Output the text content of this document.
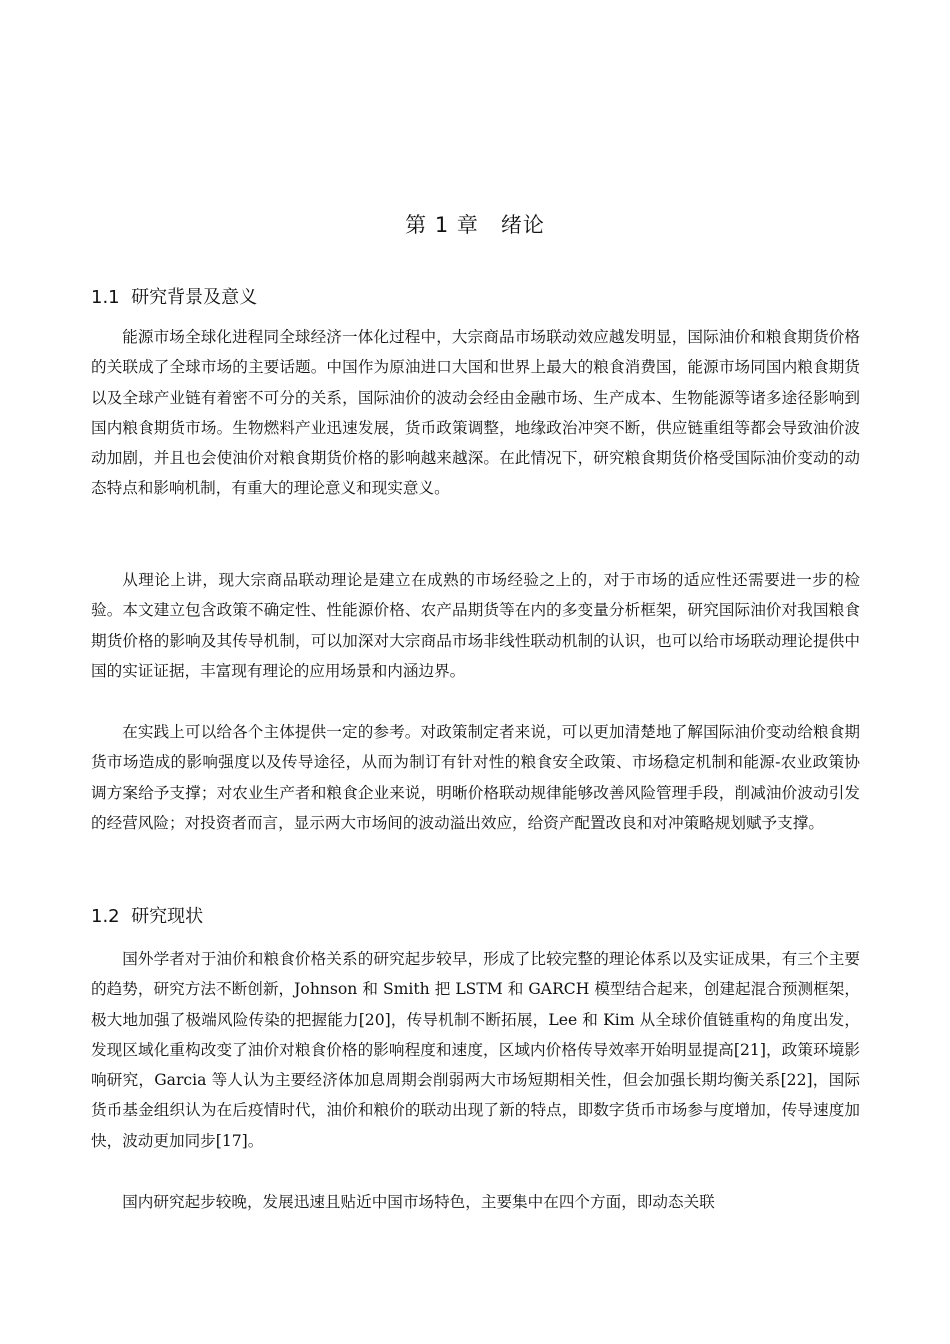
第 1 章　绪论
1.1  研究背景及意义

能源市场全球化进程同全球经济一体化过程中，大宗商品市场联动效应越发明显，国际油价和粮食期货价格的关联成了全球市场的主要话题。中国作为原油进口大国和世界上最大的粮食消费国，能源市场同国内粮食期货以及全球产业链有着密不可分的关系，国际油价的波动会经由金融市场、生产成本、生物能源等诸多途径影响到国内粮食期货市场。生物燃料产业迅速发展，货币政策调整，地缘政治冲突不断，供应链重组等都会导致油价波动加剧，并且也会使油价对粮食期货价格的影响越来越深。在此情况下，研究粮食期货价格受国际油价变动的动态特点和影响机制，有重大的理论意义和现实意义。

从理论上讲，现大宗商品联动理论是建立在成熟的市场经验之上的，对于市场的适应性还需要进一步的检验。本文建立包含政策不确定性、性能源价格、农产品期货等在内的多变量分析框架，研究国际油价对我国粮食期货价格的影响及其传导机制，可以加深对大宗商品市场非线性联动机制的认识，也可以给市场联动理论提供中国的实证证据，丰富现有理论的应用场景和内涵边界。

在实践上可以给各个主体提供一定的参考。对政策制定者来说，可以更加清楚地了解国际油价变动给粮食期货市场造成的影响强度以及传导途径，从而为制订有针对性的粮食安全政策、市场稳定机制和能源-农业政策协调方案给予支撑；对农业生产者和粮食企业来说，明晰价格联动规律能够改善风险管理手段，削减油价波动引发的经营风险；对投资者而言，显示两大市场间的波动溢出效应，给资产配置改良和对冲策略规划赋予支撑。

1.2  研究现状

国外学者对于油价和粮食价格关系的研究起步较早，形成了比较完整的理论体系以及实证成果，有三个主要的趋势，研究方法不断创新，Johnson 和 Smith 把 LSTM 和 GARCH 模型结合起来，创建起混合预测框架，极大地加强了极端风险传染的把握能力[20]，传导机制不断拓展，Lee 和 Kim 从全球价值链重构的角度出发，发现区域化重构改变了油价对粮食价格的影响程度和速度，区域内价格传导效率开始明显提高[21]，政策环境影响研究，Garcia 等人认为主要经济体加息周期会削弱两大市场短期相关性，但会加强长期均衡关系[22]，国际货币基金组织认为在后疫情时代，油价和粮价的联动出现了新的特点，即数字货币市场参与度增加，传导速度加快，波动更加同步[17]。

国内研究起步较晚，发展迅速且贴近中国市场特色，主要集中在四个方面，即动态关联
